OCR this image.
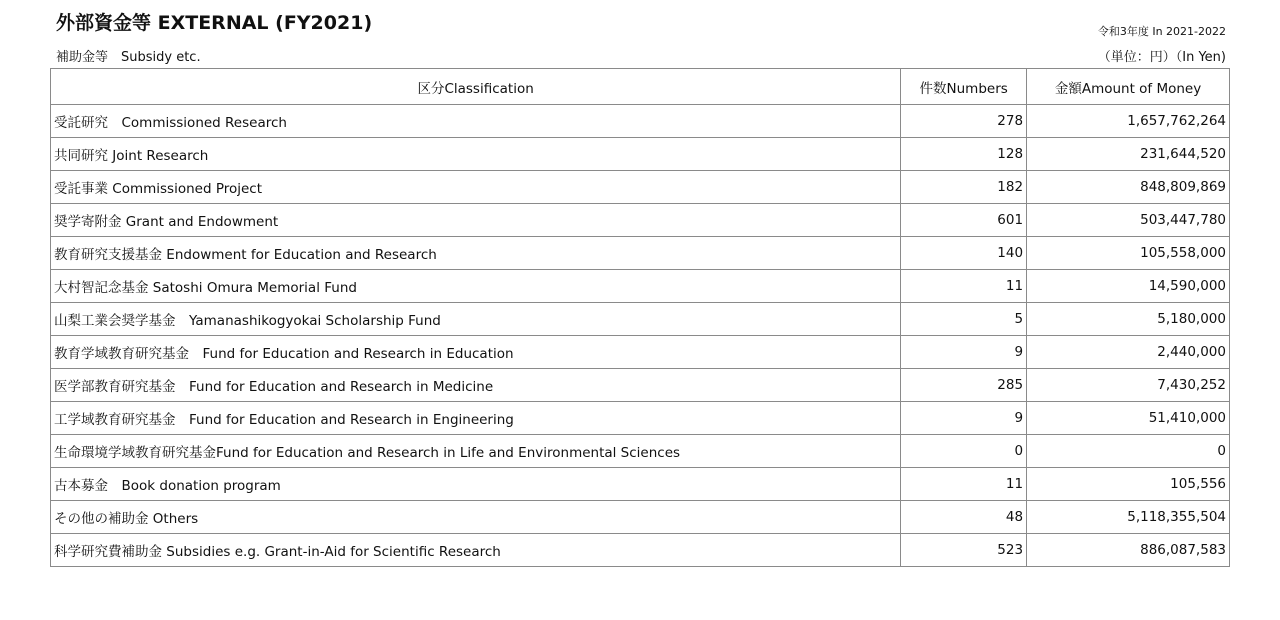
外部資金等 EXTERNAL (FY2021)
補助金等　Subsidy etc.
令和3年度 In 2021-2022
（単位：円）（In Yen)
区分Classification	件数Numbers	金額Amount of Money
受託研究　Commissioned Research	278	1,657,762,264
共同研究 Joint Research	128	231,644,520
受託事業 Commissioned Project	182	848,809,869
奨学寄附金 Grant and Endowment	601	503,447,780
教育研究支援基金 Endowment for Education and Research	140	105,558,000
大村智記念基金 Satoshi Omura Memorial Fund	11	14,590,000
山梨工業会奨学基金　Yamanashikogyokai Scholarship Fund	5	5,180,000
教育学域教育研究基金　Fund for Education and Research in Education	9	2,440,000
医学部教育研究基金　Fund for Education and Research in Medicine	285	7,430,252
工学域教育研究基金　Fund for Education and Research in Engineering	9	51,410,000
生命環境学域教育研究基金Fund for Education and Research in Life and Environmental Sciences	0	0
古本募金　Book donation program	11	105,556
その他の補助金 Others	48	5,118,355,504
科学研究費補助金 Subsidies e.g. Grant-in-Aid for Scientific Research	523	886,087,583
